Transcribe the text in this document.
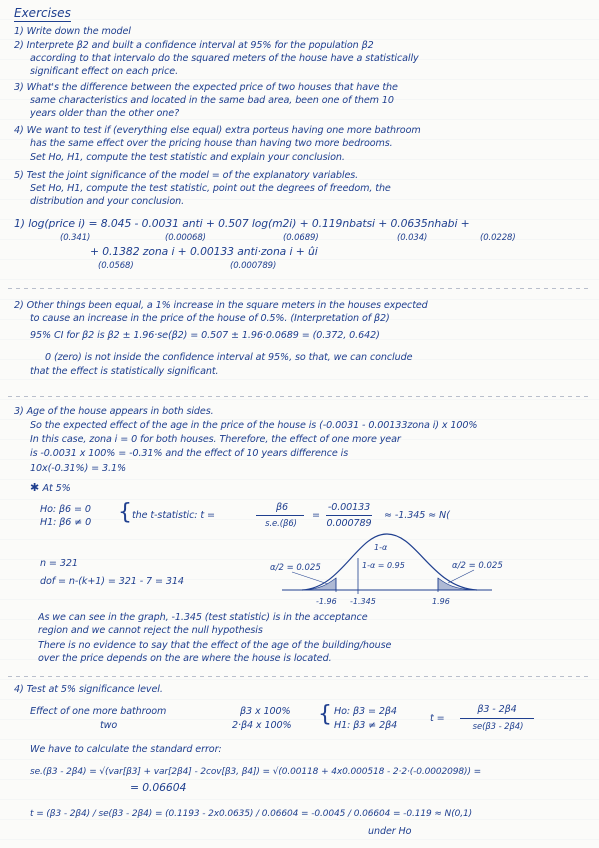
Exercises
1) Write down the model
2) Interprete β2 and built a confidence interval at 95% for the population β2
according to that intervalo do the squared meters of the house have a statistically
significant effect on each price.
3) What's the difference between the expected price of two houses that have the
same characteristics and located in the same bad area, been one of them 10
years older than the other one?
4) We want to test if (everything else equal) extra porteus having one more bathroom
has the same effect over the pricing house than having two more bedrooms.
Set Ho, H1, compute the test statistic and explain your conclusion.
5) Test the joint significance of the model = of the explanatory variables.
Set Ho, H1, compute the test statistic, point out the degrees of freedom, the
distribution and your conclusion.
1) log(price i) = 8.045 - 0.0031 anti + 0.507 log(m2i) + 0.119nbatsi + 0.0635nhabi +
(0.341)	(0.00068)	(0.0689)	(0.034)	(0.0228)
+ 0.1382 zona i + 0.00133 anti·zona i + ûi
(0.0568)	(0.000789)
2) Other things been equal, a 1% increase in the square meters in the houses expected
to cause an increase in the price of the house of 0.5%. (Interpretation of β2)
95% CI for β2 is β2 ± 1.96·se(β2) = 0.507 ± 1.96·0.0689 = (0.372, 0.642)
0 (zero) is not inside the confidence interval at 95%, so that, we can conclude
that the effect is statistically significant.
3) Age of the house appears in both sides.
So the expected effect of the age in the price of the house is (-0.0031 - 0.00133zona i) x 100%
In this case, zona i = 0 for both houses. Therefore, the effect of one more year
is -0.0031 x 100% = -0.31% and the effect of 10 years difference is
10x(-0.31%) = 3.1%
✱ At 5%
Ho: β6 = 0
H1: β6 ≠ 0	{ the t-statistic: t =
β6
s.e.(β6)
=
-0.00133
0.000789
≈ -1.345 ≈ N(
n = 321
dof = n-(k+1) = 321 - 7 = 314
α/2 = 0.025	α/2 = 0.025
1-α
1-α = 0.95
-1.96 -1.345	1.96
As we can see in the graph, -1.345 (test statistic) is in the acceptance
region and we cannot reject the null hypothesis
There is no evidence to say that the effect of the age of the building/house
over the price depends on the are where the house is located.
4) Test at 5% significance level.
Effect of one more bathroom
two
β3 x 100%
2·β4 x 100%	{ Ho: β3 = 2β4
H1: β3 ≠ 2β4
t =
β3 - 2β4
se(β3 - 2β4)
We have to calculate the standard error:
se.(β3 - 2β4) = √(var[β3] + var[2β4] - 2cov[β3, β4]) = √(0.00118 + 4x0.000518 - 2·2·(-0.0002098)) =
= 0.06604
t = (β3 - 2β4) / se(β3 - 2β4) = (0.1193 - 2x0.0635) / 0.06604 = -0.0045 / 0.06604 = -0.119 ≈ N(0,1)
under Ho
